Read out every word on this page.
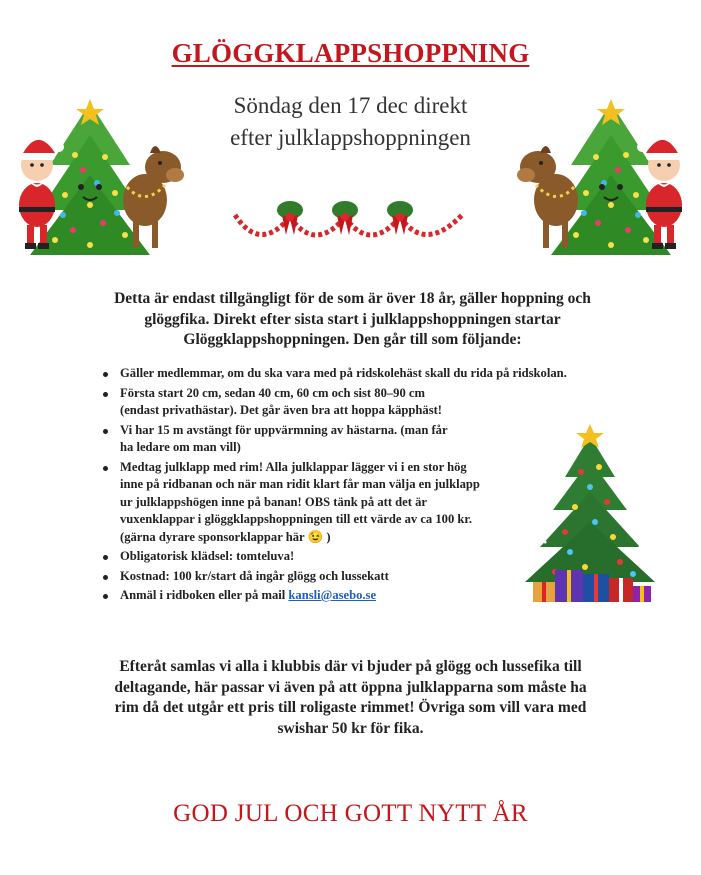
GLÖGGKLAPPSHOPPNING
Söndag den 17 dec direkt
efter julklappshoppningen
Detta är endast tillgängligt för de som är över 18 år, gäller hoppning och glöggfika. Direkt efter sista start i julklappshoppningen startar Glöggklappshoppningen. Den går till som följande:
Gäller medlemmar, om du ska vara med på ridskolehäst skall du rida på ridskolan.
Första start 20 cm, sedan 40 cm, 60 cm och sist 80–90 cm (endast privathästar). Det går även bra att hoppa käpphäst!
Vi har 15 m avstängt för uppvärmning av hästarna. (man får ha ledare om man vill)
Medtag julklapp med rim! Alla julklappar lägger vi i en stor hög inne på ridbanan och när man ridit klart får man välja en julklapp ur julklappshögen inne på banan! OBS tänk på att det är vuxenklappar i glöggklappshoppningen till ett värde av ca 100 kr. (gärna dyrare sponsorklappar här 😉 )
Obligatorisk klädsel: tomteluva!
Kostnad: 100 kr/start då ingår glögg och lussekatt
Anmäl i ridboken eller på mail kansli@asebo.se
Efteråt samlas vi alla i klubbis där vi bjuder på glögg och lussefika till deltagande, här passar vi även på att öppna julklapparna som måste ha rim då det utgår ett pris till roligaste rimmet! Övriga som vill vara med swishar 50 kr för fika.
GOD JUL OCH GOTT NYTT ÅR
